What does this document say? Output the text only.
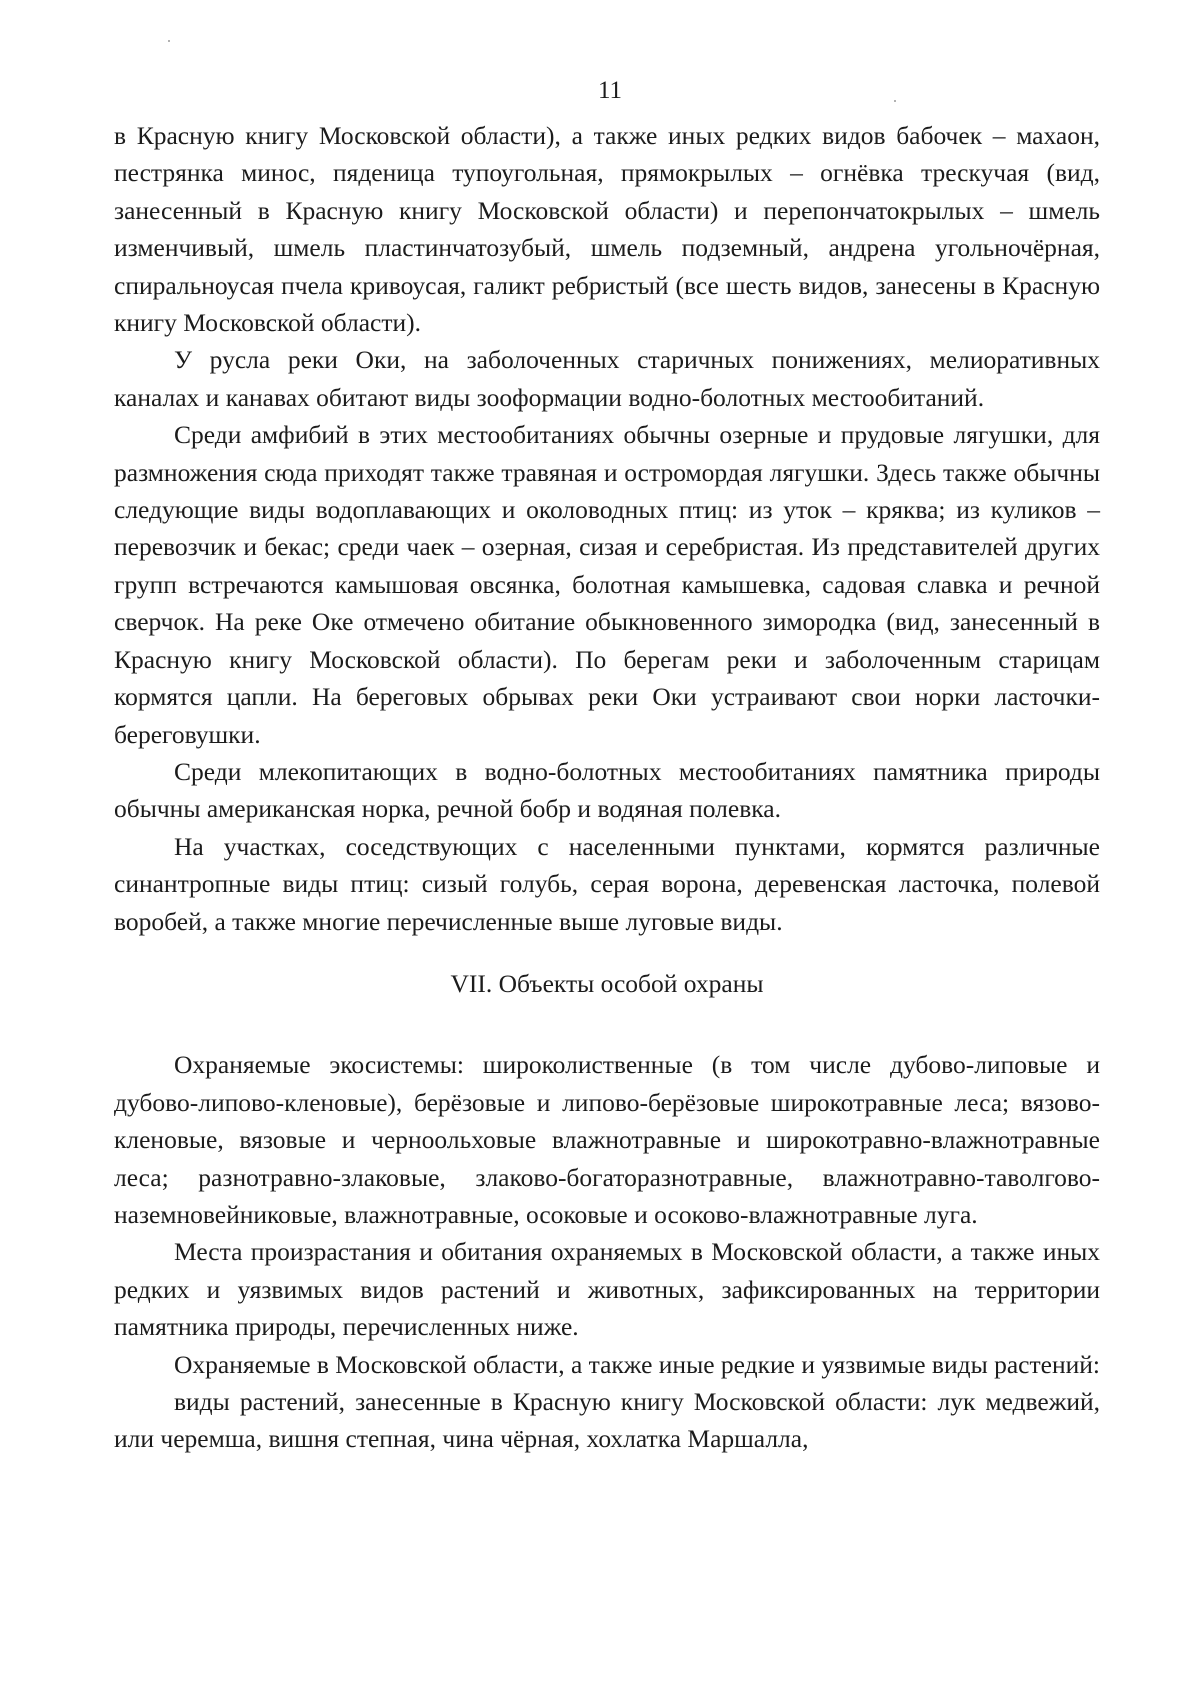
11

в Красную книгу Московской области), а также иных редких видов бабочек – махаон, пестрянка минос, пяденица тупоугольная, прямокрылых – огнёвка трескучая (вид, занесенный в Красную книгу Московской области) и перепончатокрылых – шмель изменчивый, шмель пластинчатозубый, шмель подземный, андрена угольночёрная, спиральноусая пчела кривоусая, галикт ребристый (все шесть видов, занесены в Красную книгу Московской области).

У русла реки Оки, на заболоченных старичных понижениях, мелиоративных каналах и канавах обитают виды зооформации водно-болотных местообитаний.

Среди амфибий в этих местообитаниях обычны озерные и прудовые лягушки, для размножения сюда приходят также травяная и остромордая лягушки. Здесь также обычны следующие виды водоплавающих и околоводных птиц: из уток – кряква; из куликов – перевозчик и бекас; среди чаек – озерная, сизая и серебристая. Из представителей других групп встречаются камышовая овсянка, болотная камышевка, садовая славка и речной сверчок. На реке Оке отмечено обитание обыкновенного зимородка (вид, занесенный в Красную книгу Московской области). По берегам реки и заболоченным старицам кормятся цапли. На береговых обрывах реки Оки устраивают свои норки ласточки-береговушки.

Среди млекопитающих в водно-болотных местообитаниях памятника природы обычны американская норка, речной бобр и водяная полевка.

На участках, соседствующих с населенными пунктами, кормятся различные синантропные виды птиц: сизый голубь, серая ворона, деревенская ласточка, полевой воробей, а также многие перечисленные выше луговые виды.

VII. Объекты особой охраны

Охраняемые экосистемы: широколиственные (в том числе дубово-липовые и дубово-липово-кленовые), берёзовые и липово-берёзовые широкотравные леса; вязово-кленовые, вязовые и черноольховые влажнотравные и широкотравно-влажнотравные леса; разнотравно-злаковые, злаково-богаторазнотравные, влажнотравно-таволгово-наземновейниковые, влажнотравные, осоковые и осоково-влажнотравные луга.

Места произрастания и обитания охраняемых в Московской области, а также иных редких и уязвимых видов растений и животных, зафиксированных на территории памятника природы, перечисленных ниже.

Охраняемые в Московской области, а также иные редкие и уязвимые виды растений:

виды растений, занесенные в Красную книгу Московской области: лук медвежий, или черемша, вишня степная, чина чёрная, хохлатка Маршалла,
